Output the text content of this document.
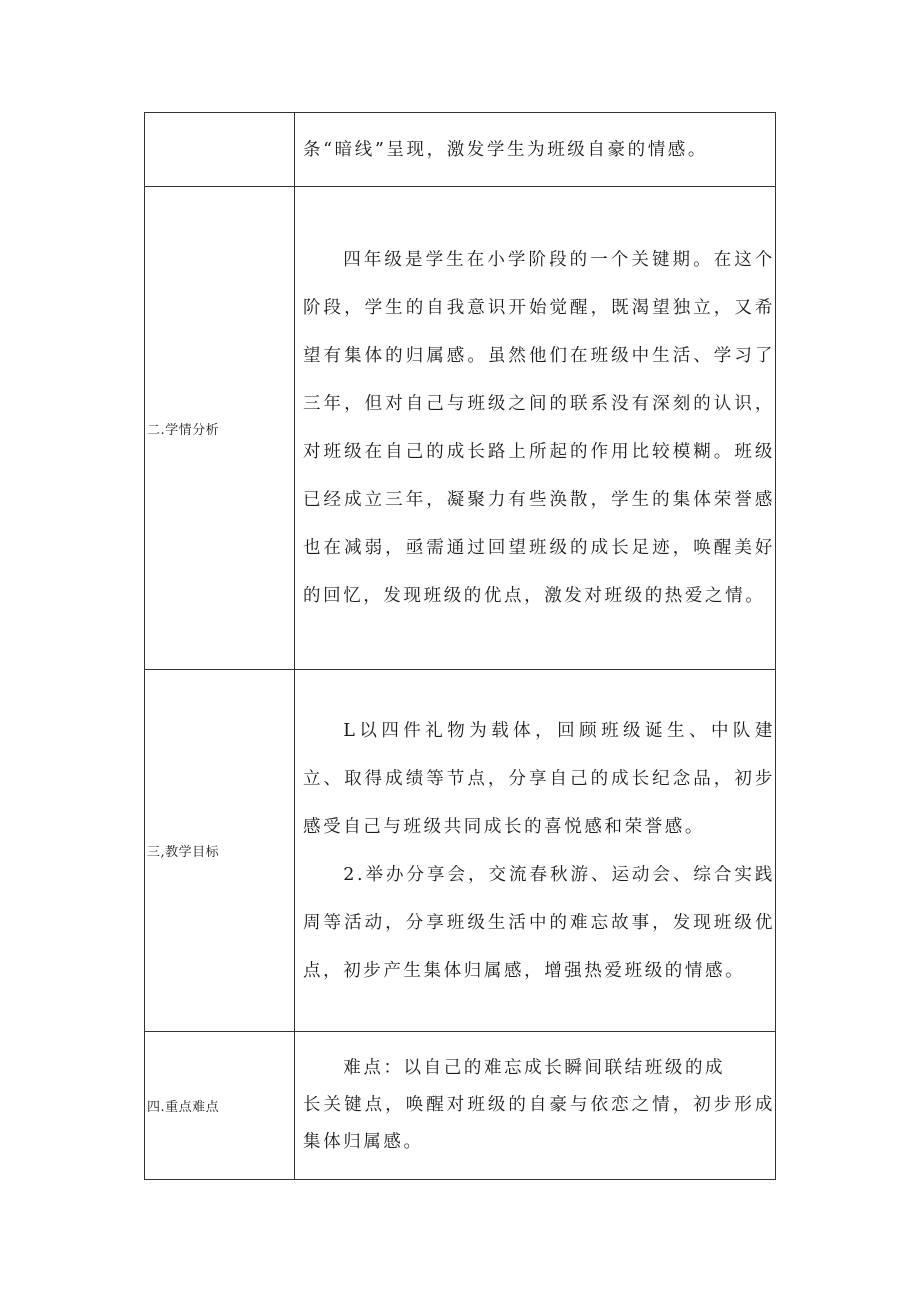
	条“暗线”呈现，激发学生为班级自豪的情感。

二.学情分析	四年级是学生在小学阶段的一个关键期。在这个阶段，学生的自我意识开始觉醒，既渴望独立，又希望有集体的归属感。虽然他们在班级中生活、学习了三年，但对自己与班级之间的联系没有深刻的认识，对班级在自己的成长路上所起的作用比较模糊。班级已经成立三年，凝聚力有些涣散，学生的集体荣誉感也在减弱，亟需通过回望班级的成长足迹，唤醒美好的回忆，发现班级的优点，激发对班级的热爱之情。

三,教学目标	L以四件礼物为载体，回顾班级诞生、中队建立、取得成绩等节点，分享自己的成长纪念品，初步感受自己与班级共同成长的喜悦感和荣誉感。

2.举办分享会，交流春秋游、运动会、综合实践周等活动，分享班级生活中的难忘故事，发现班级优点，初步产生集体归属感，增强热爱班级的情感。

四.重点难点	难点：以自己的难忘成长瞬间联结班级的成

长关键点，唤醒对班级的自豪与依恋之情，初步形成集体归属感。
